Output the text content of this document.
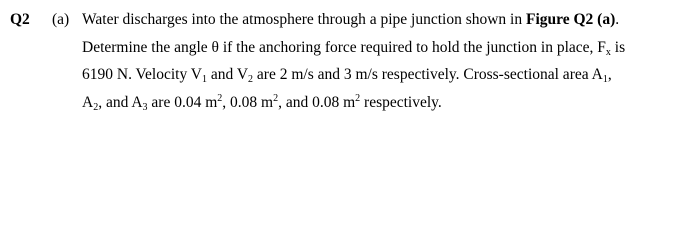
Q2 (a) Water discharges into the atmosphere through a pipe junction shown in Figure Q2 (a).
Determine the angle θ if the anchoring force required to hold the junction in place, $F_x$ is
6190 N. Velocity $V_1$ and $V_2$ are 2 m/s and 3 m/s respectively. Cross-sectional area $A_1$,
$A_2$, and $A_3$ are 0.04 $m^2$, 0.08 $m^2$, and 0.08 $m^2$ respectively.
